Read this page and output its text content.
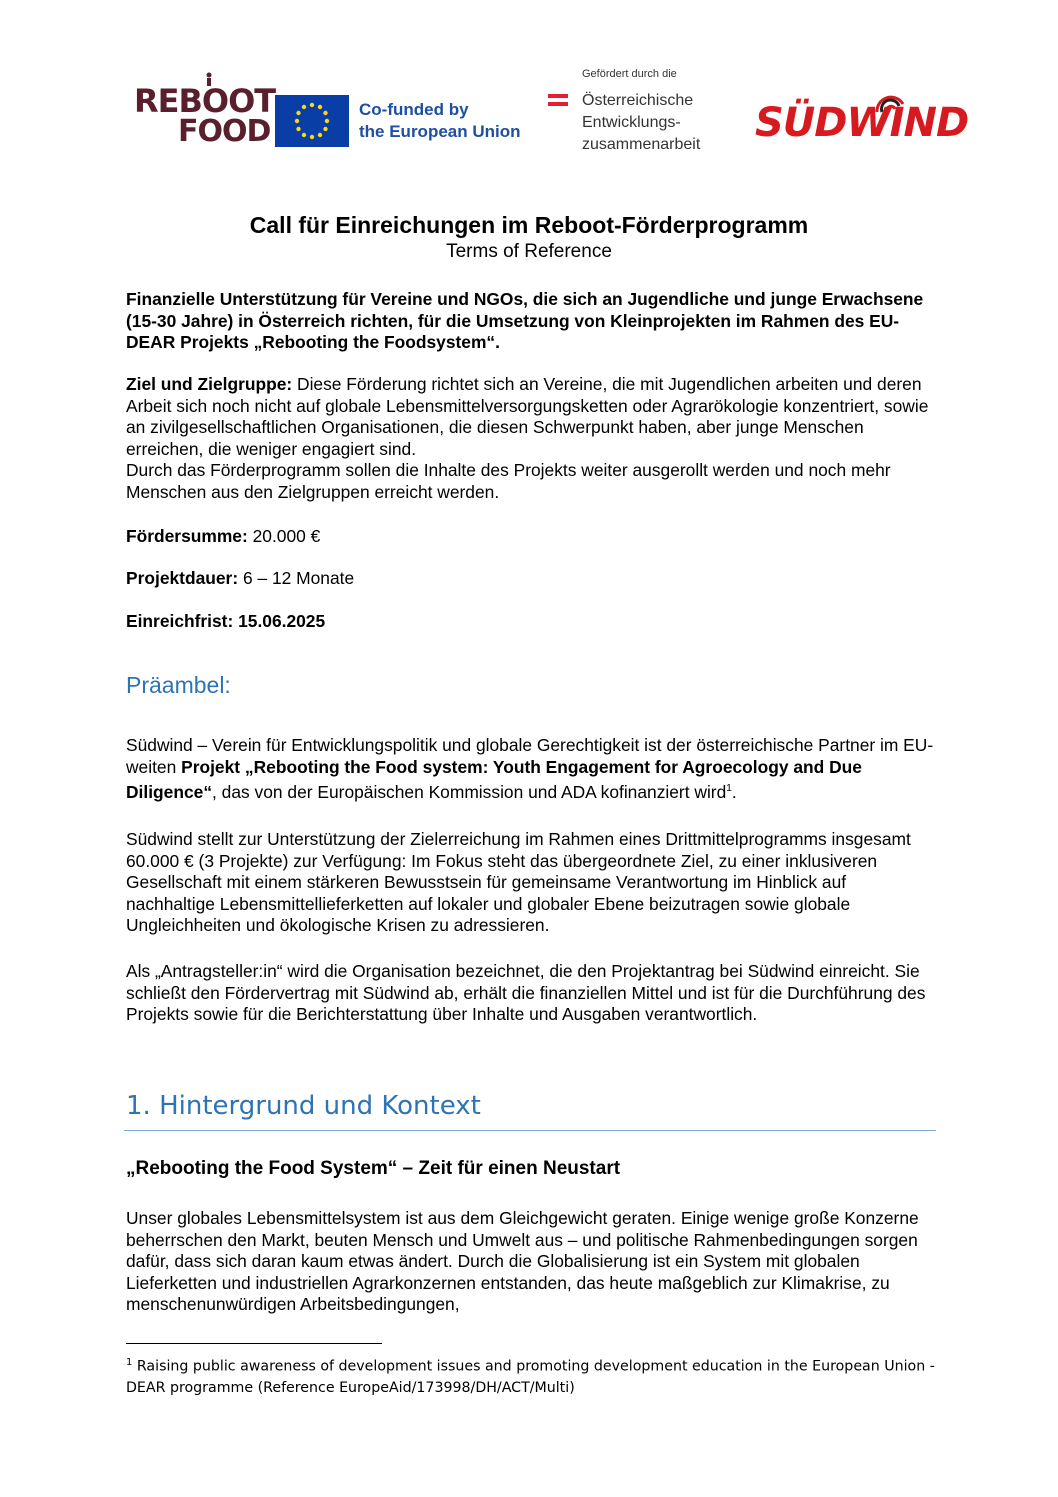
REBOOT
FOOD
Co-funded by
the European Union
Gefördert durch die
Österreichische
Entwicklungs-
zusammenarbeit SÜDWIND
Call für Einreichungen im Reboot-Förderprogramm
Terms of Reference
Finanzielle Unterstützung für Vereine und NGOs, die sich an Jugendliche und junge Erwachsene (15-30 Jahre) in Österreich richten, für die Umsetzung von Kleinprojekten im Rahmen des EU-DEAR Projekts „Rebooting the Foodsystem“.
Ziel und Zielgruppe: Diese Förderung richtet sich an Vereine, die mit Jugendlichen arbeiten und deren Arbeit sich noch nicht auf globale Lebensmittelversorgungsketten oder Agrarökologie konzentriert, sowie an zivilgesellschaftlichen Organisationen, die diesen Schwerpunkt haben, aber junge Menschen erreichen, die weniger engagiert sind.
Durch das Förderprogramm sollen die Inhalte des Projekts weiter ausgerollt werden und noch mehr Menschen aus den Zielgruppen erreicht werden.
Fördersumme: 20.000 €
Projektdauer: 6 – 12 Monate
Einreichfrist: 15.06.2025
Präambel:
Südwind – Verein für Entwicklungspolitik und globale Gerechtigkeit ist der österreichische Partner im EU-weiten Projekt „Rebooting the Food system: Youth Engagement for Agroecology and Due Diligence“, das von der Europäischen Kommission und ADA kofinanziert wird$^1$.
Südwind stellt zur Unterstützung der Zielerreichung im Rahmen eines Drittmittelprogramms insgesamt 60.000 € (3 Projekte) zur Verfügung: Im Fokus steht das übergeordnete Ziel, zu einer inklusiveren Gesellschaft mit einem stärkeren Bewusstsein für gemeinsame Verantwortung im Hinblick auf nachhaltige Lebensmittellieferketten auf lokaler und globaler Ebene beizutragen sowie globale Ungleichheiten und ökologische Krisen zu adressieren.
Als „Antragsteller:in“ wird die Organisation bezeichnet, die den Projektantrag bei Südwind einreicht. Sie schließt den Fördervertrag mit Südwind ab, erhält die finanziellen Mittel und ist für die Durchführung des Projekts sowie für die Berichterstattung über Inhalte und Ausgaben verantwortlich.
1. Hintergrund und Kontext
„Rebooting the Food System“ – Zeit für einen Neustart
Unser globales Lebensmittelsystem ist aus dem Gleichgewicht geraten. Einige wenige große Konzerne beherrschen den Markt, beuten Mensch und Umwelt aus – und politische Rahmenbedingungen sorgen dafür, dass sich daran kaum etwas ändert. Durch die Globalisierung ist ein System mit globalen Lieferketten und industriellen Agrarkonzernen entstanden, das heute maßgeblich zur Klimakrise, zu menschenunwürdigen Arbeitsbedingungen,
$^1$ Raising public awareness of development issues and promoting development education in the European Union - DEAR programme (Reference EuropeAid/173998/DH/ACT/Multi)
